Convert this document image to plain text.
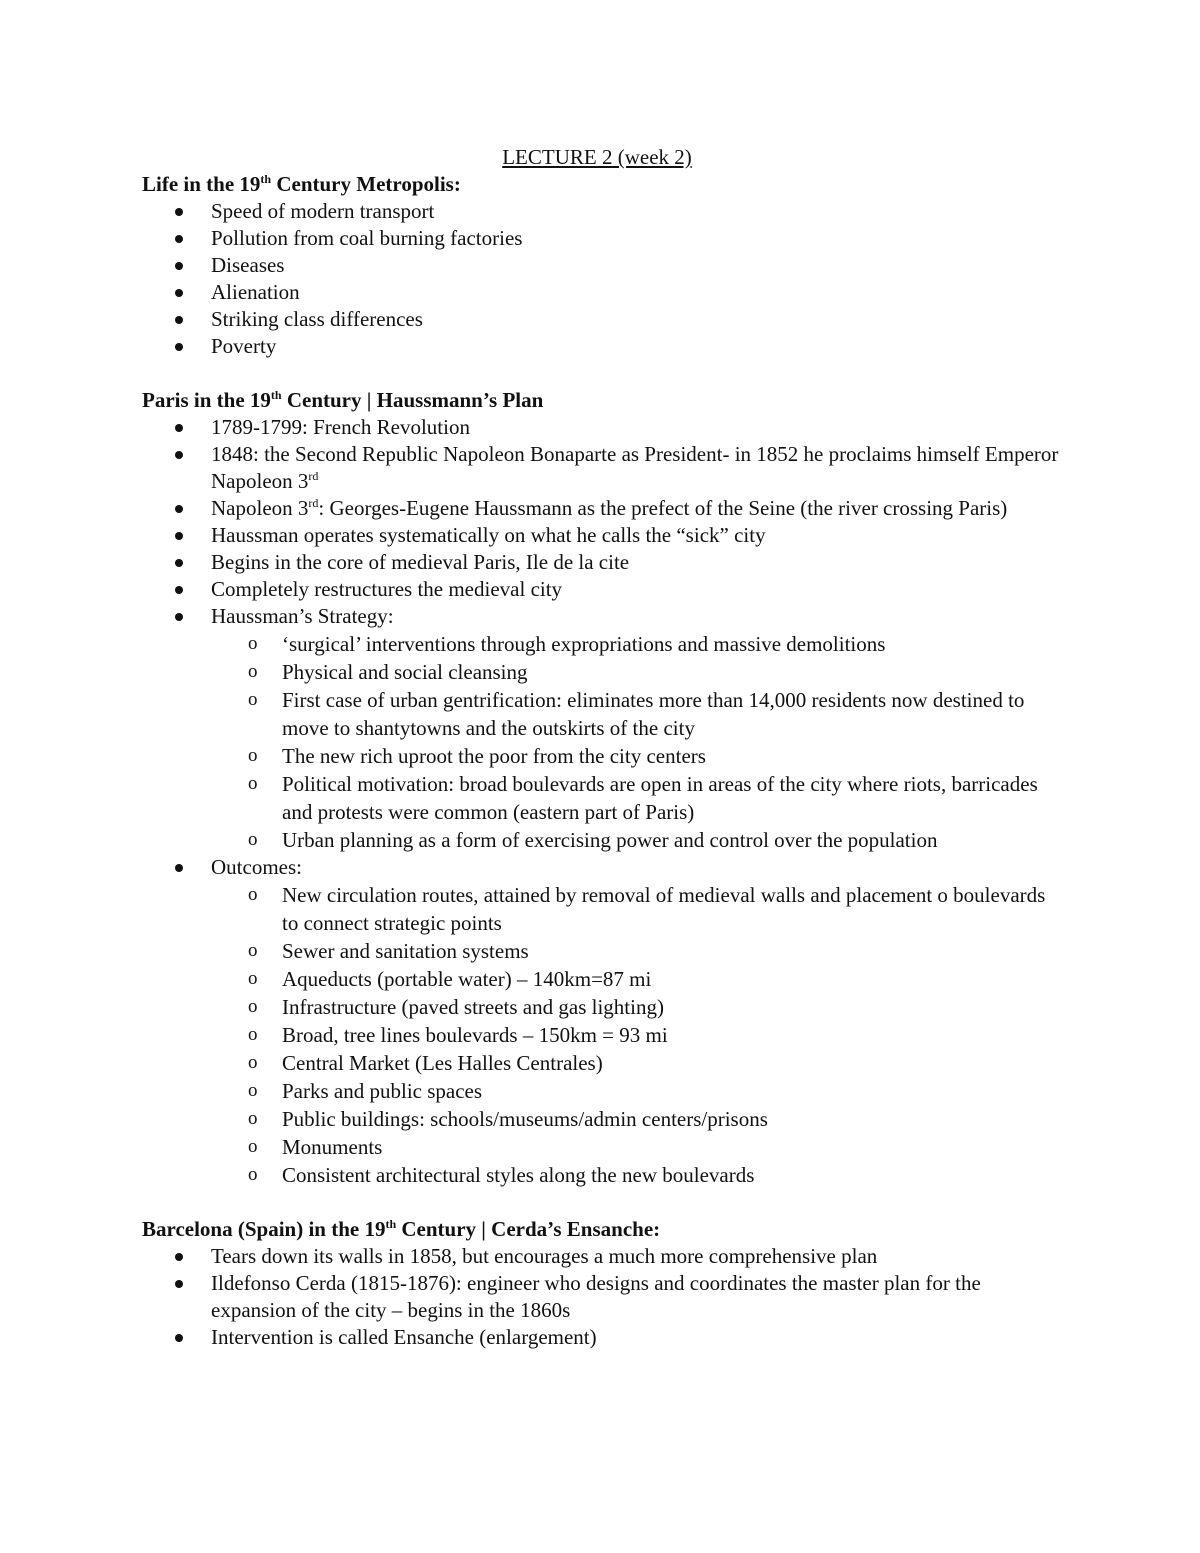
LECTURE 2 (week 2)
Life in the 19th Century Metropolis:
Speed of modern transport
Pollution from coal burning factories
Diseases
Alienation
Striking class differences
Poverty
Paris in the 19th Century | Haussmann’s Plan
1789-1799: French Revolution
1848: the Second Republic Napoleon Bonaparte as President- in 1852 he proclaims himself Emperor Napoleon 3rd
Napoleon 3rd: Georges-Eugene Haussmann as the prefect of the Seine (the river crossing Paris)
Haussman operates systematically on what he calls the “sick” city
Begins in the core of medieval Paris, Ile de la cite
Completely restructures the medieval city
Haussman’s Strategy:
o ‘surgical’ interventions through expropriations and massive demolitions
o Physical and social cleansing
o First case of urban gentrification: eliminates more than 14,000 residents now destined to move to shantytowns and the outskirts of the city
o The new rich uproot the poor from the city centers
o Political motivation: broad boulevards are open in areas of the city where riots, barricades and protests were common (eastern part of Paris)
o Urban planning as a form of exercising power and control over the population
Outcomes:
o New circulation routes, attained by removal of medieval walls and placement o boulevards to connect strategic points
o Sewer and sanitation systems
o Aqueducts (portable water) – 140km=87 mi
o Infrastructure (paved streets and gas lighting)
o Broad, tree lines boulevards – 150km = 93 mi
o Central Market (Les Halles Centrales)
o Parks and public spaces
o Public buildings: schools/museums/admin centers/prisons
o Monuments
o Consistent architectural styles along the new boulevards
Barcelona (Spain) in the 19th Century | Cerda’s Ensanche:
Tears down its walls in 1858, but encourages a much more comprehensive plan
Ildefonso Cerda (1815-1876): engineer who designs and coordinates the master plan for the expansion of the city – begins in the 1860s
Intervention is called Ensanche (enlargement)
